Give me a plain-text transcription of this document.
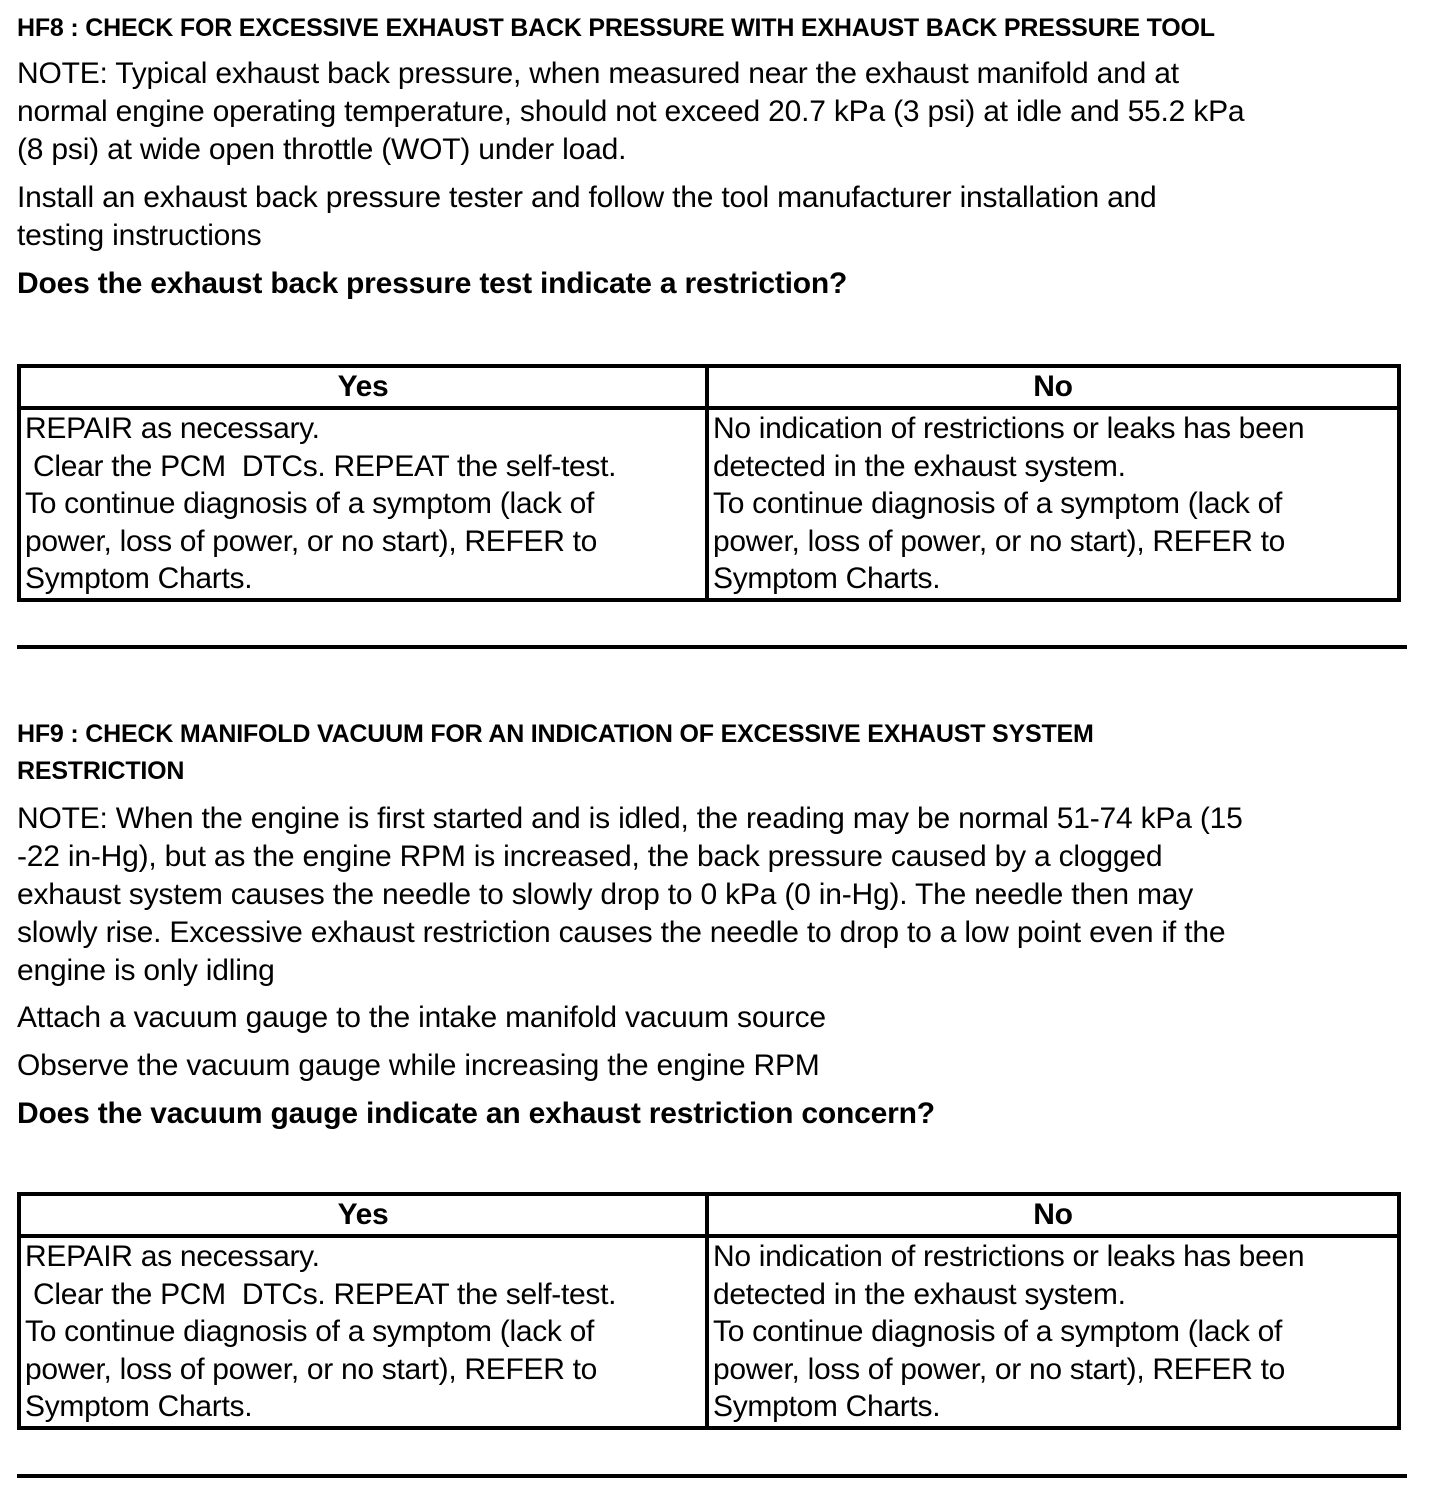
HF8 : CHECK FOR EXCESSIVE EXHAUST BACK PRESSURE WITH EXHAUST BACK PRESSURE TOOL

NOTE: Typical exhaust back pressure, when measured near the exhaust manifold and at
normal engine operating temperature, should not exceed 20.7 kPa (3 psi) at idle and 55.2 kPa
(8 psi) at wide open throttle (WOT) under load.

Install an exhaust back pressure tester and follow the tool manufacturer installation and
testing instructions

Does the exhaust back pressure test indicate a restriction?

Yes	No

REPAIR as necessary.
Clear the PCM  DTCs. REPEAT the self-test.
To continue diagnosis of a symptom (lack of
power, loss of power, or no start), REFER to
Symptom Charts.	No indication of restrictions or leaks has been
detected in the exhaust system.
To continue diagnosis of a symptom (lack of
power, loss of power, or no start), REFER to
Symptom Charts.

HF9 : CHECK MANIFOLD VACUUM FOR AN INDICATION OF EXCESSIVE EXHAUST SYSTEM
RESTRICTION

NOTE: When the engine is first started and is idled, the reading may be normal 51-74 kPa (15
-22 in-Hg), but as the engine RPM is increased, the back pressure caused by a clogged
exhaust system causes the needle to slowly drop to 0 kPa (0 in-Hg). The needle then may
slowly rise. Excessive exhaust restriction causes the needle to drop to a low point even if the
engine is only idling

Attach a vacuum gauge to the intake manifold vacuum source

Observe the vacuum gauge while increasing the engine RPM

Does the vacuum gauge indicate an exhaust restriction concern?

Yes	No

REPAIR as necessary.
Clear the PCM  DTCs. REPEAT the self-test.
To continue diagnosis of a symptom (lack of
power, loss of power, or no start), REFER to
Symptom Charts.	No indication of restrictions or leaks has been
detected in the exhaust system.
To continue diagnosis of a symptom (lack of
power, loss of power, or no start), REFER to
Symptom Charts.
